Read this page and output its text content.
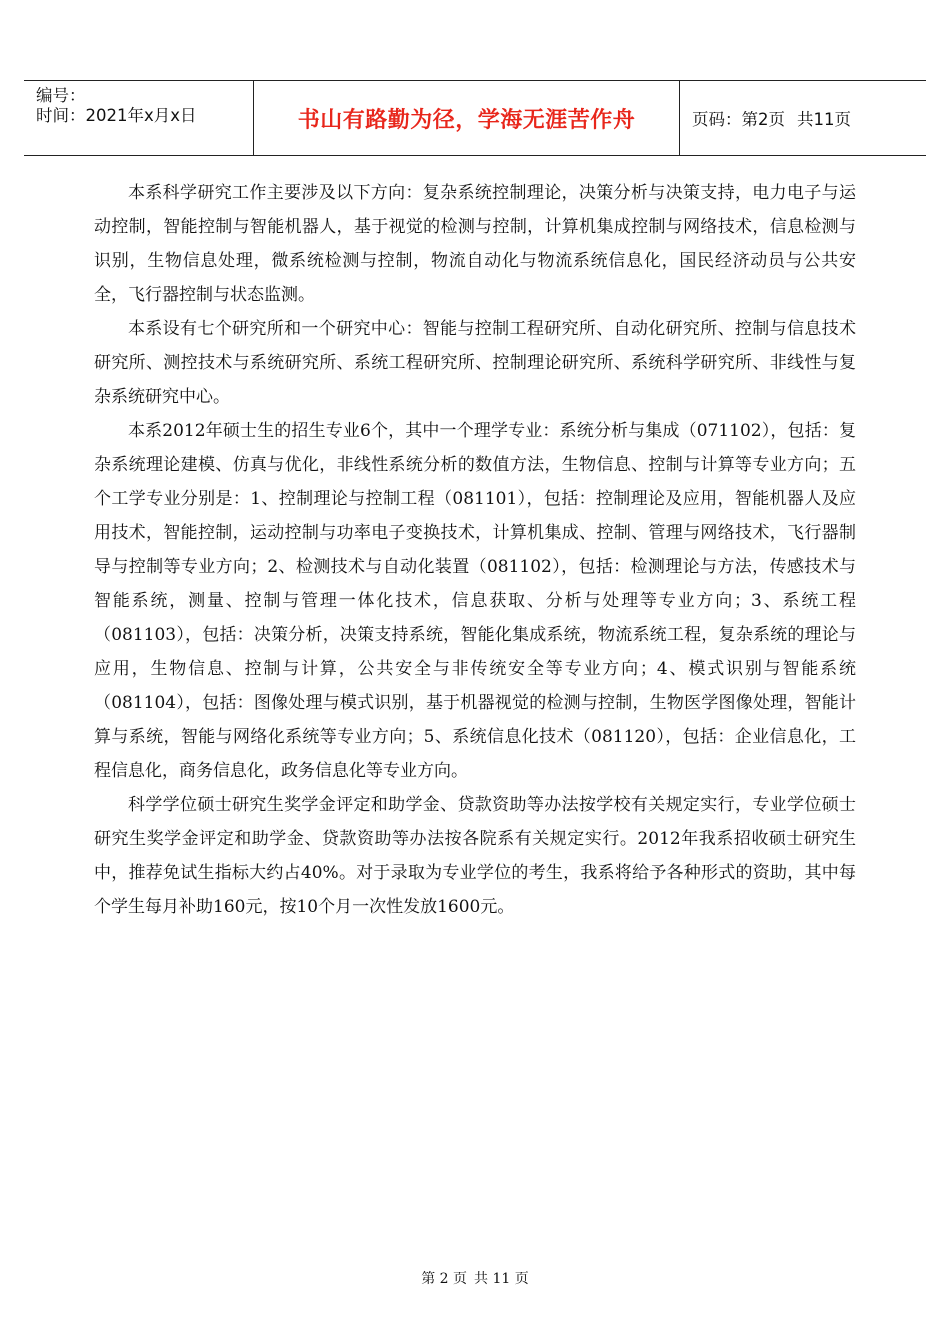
编号：
时间：2021年x月x日	书山有路勤为径，学海无涯苦作舟	页码：第2页 共11页

本系科学研究工作主要涉及以下方向：复杂系统控制理论，决策分析与决策支持，电力电子与运动控制，智能控制与智能机器人，基于视觉的检测与控制，计算机集成控制与网络技术，信息检测与识别，生物信息处理，微系统检测与控制，物流自动化与物流系统信息化，国民经济动员与公共安全，飞行器控制与状态监测。

本系设有七个研究所和一个研究中心：智能与控制工程研究所、自动化研究所、控制与信息技术研究所、测控技术与系统研究所、系统工程研究所、控制理论研究所、系统科学研究所、非线性与复杂系统研究中心。

本系2012年硕士生的招生专业6个，其中一个理学专业：系统分析与集成（071102），包括：复杂系统理论建模、仿真与优化，非线性系统分析的数值方法，生物信息、控制与计算等专业方向；五个工学专业分别是：1、控制理论与控制工程（081101），包括：控制理论及应用，智能机器人及应用技术，智能控制，运动控制与功率电子变换技术，计算机集成、控制、管理与网络技术，飞行器制导与控制等专业方向；2、检测技术与自动化装置（081102），包括：检测理论与方法，传感技术与智能系统，测量、控制与管理一体化技术，信息获取、分析与处理等专业方向；3、系统工程（081103），包括：决策分析，决策支持系统，智能化集成系统，物流系统工程，复杂系统的理论与应用，生物信息、控制与计算，公共安全与非传统安全等专业方向；4、模式识别与智能系统（081104），包括：图像处理与模式识别，基于机器视觉的检测与控制，生物医学图像处理，智能计算与系统，智能与网络化系统等专业方向；5、系统信息化技术（081120），包括：企业信息化，工程信息化，商务信息化，政务信息化等专业方向。

科学学位硕士研究生奖学金评定和助学金、贷款资助等办法按学校有关规定实行，专业学位硕士研究生奖学金评定和助学金、贷款资助等办法按各院系有关规定实行。2012年我系招收硕士研究生中，推荐免试生指标大约占40%。对于录取为专业学位的考生，我系将给予各种形式的资助，其中每个学生每月补助160元，按10个月一次性发放1600元。

第 2 页 共 11 页
